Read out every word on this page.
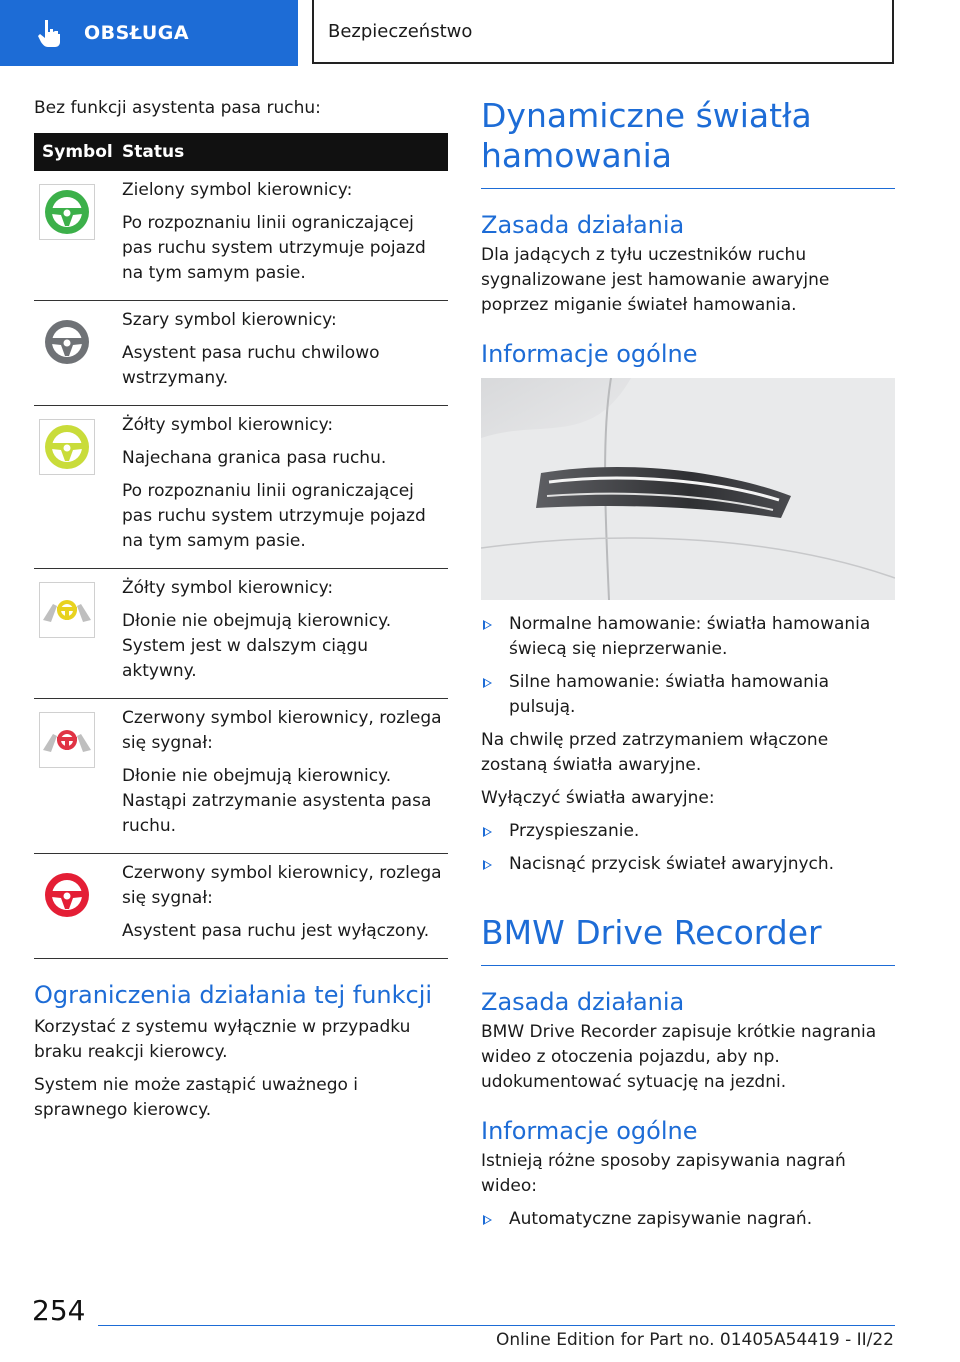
OBSŁUGA	Bezpieczeństwo

Bez funkcji asystenta pasa ruchu:

Symbol Status

Zielony symbol kierownicy:

Po rozpoznaniu linii ograniczającej pas ruchu system utrzymuje pojazd na tym samym pasie.

Szary symbol kierownicy:

Asystent pasa ruchu chwilowo wstrzymany.

Żółty symbol kierownicy:

Najechana granica pasa ruchu.

Po rozpoznaniu linii ograniczającej pas ruchu system utrzymuje pojazd na tym samym pasie.

Żółty symbol kierownicy:

Dłonie nie obejmują kierownicy. System jest w dalszym ciągu aktywny.

Czerwony symbol kierownicy, rozlega się sygnał:

Dłonie nie obejmują kierownicy. Nastąpi zatrzymanie asystenta pasa ruchu.

Czerwony symbol kierownicy, rozlega się sygnał:

Asystent pasa ruchu jest wyłączony.

Ograniczenia działania tej funkcji

Korzystać z systemu wyłącznie w przypadku braku reakcji kierowcy.

System nie może zastąpić uważnego i sprawnego kierowcy.

Dynamiczne światła hamowania
Zasada działania

Dla jadących z tyłu uczestników ruchu sygnalizowane jest hamowanie awaryjne poprzez miganie świateł hamowania.

Informacje ogólne
Normalne hamowanie: światła hamowania świecą się nieprzerwanie.
Silne hamowanie: światła hamowania pulsują.

Na chwilę przed zatrzymaniem włączone zostaną światła awaryjne.

Wyłączyć światła awaryjne:

Przyspieszanie.
Nacisnąć przycisk świateł awaryjnych.
BMW Drive Recorder
Zasada działania

BMW Drive Recorder zapisuje krótkie nagrania wideo z otoczenia pojazdu, aby np. udokumentować sytuację na jezdni.

Informacje ogólne

Istnieją różne sposoby zapisywania nagrań wideo:

Automatyczne zapisywanie nagrań.
254
Online Edition for Part no. 01405A54419 - II/22
